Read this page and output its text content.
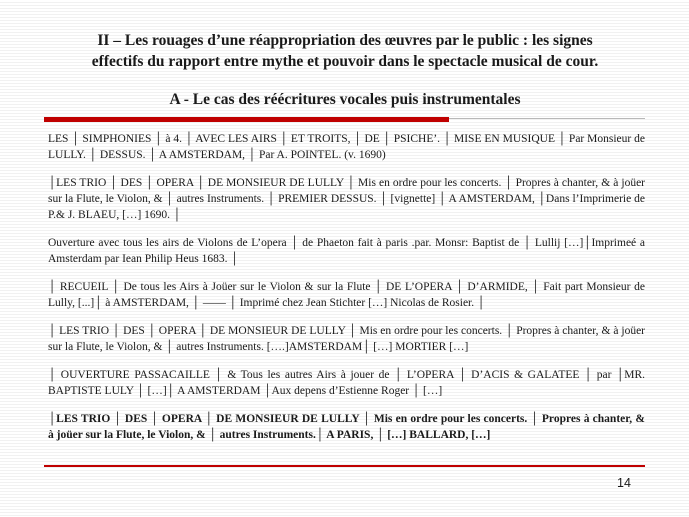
II – Les rouages d’une réappropriation des œuvres par le public : les signes
effectifs du rapport entre mythe et pouvoir dans le spectacle musical de cour.
A - Le cas des réécritures vocales puis instrumentales

LES │ SIMPHONIES │ à 4. │ AVEC LES AIRS │ ET TROITS, │ DE │ PSICHE’. │ MISE EN MUSIQUE │ Par Monsieur de LULLY. │ DESSUS. │ A AMSTERDAM, │ Par A. POINTEL. (v. 1690)

│LES TRIO │ DES │ OPERA │ DE MONSIEUR DE LULLY │ Mis en ordre pour les concerts. │ Propres à chanter, & à joüer sur la Flute, le Violon, & │ autres Instruments. │ PREMIER DESSUS. │ [vignette] │ A AMSTERDAM, │Dans l’Imprimerie de P.& J. BLAEU, […] 1690. │

Ouverture avec tous les airs de Violons de L’opera │ de Phaeton fait à paris .par. Monsr: Baptist de │ Lullij […]│Imprimeé a Amsterdam par Iean Philip Heus 1683. │

│ RECUEIL │ De tous les Airs à Joüer sur le Violon & sur la Flute │ DE L’OPERA │ D’ARMIDE, │ Fait part Monsieur de Lully, [...]│ à AMSTERDAM, │ —— │ Imprimé chez Jean Stichter […] Nicolas de Rosier. │

│ LES TRIO │ DES │ OPERA │ DE MONSIEUR DE LULLY │ Mis en ordre pour les concerts. │ Propres à chanter, & à joüer sur la Flute, le Violon, & │ autres Instruments. [….]AMSTERDAM│ […] MORTIER […]

│ OUVERTURE PASSACAILLE │ & Tous les autres Airs à jouer de │ L’OPERA │ D’ACIS & GALATEE │ par │MR. BAPTISTE LULY │ […]│ A AMSTERDAM │Aux depens d’Estienne Roger │ […]

│LES TRIO │ DES │ OPERA │ DE MONSIEUR DE LULLY │ Mis en ordre pour les concerts. │ Propres à chanter, & à joüer sur la Flute, le Violon, & │ autres Instruments.│ A PARIS, │ […] BALLARD, […]

14
